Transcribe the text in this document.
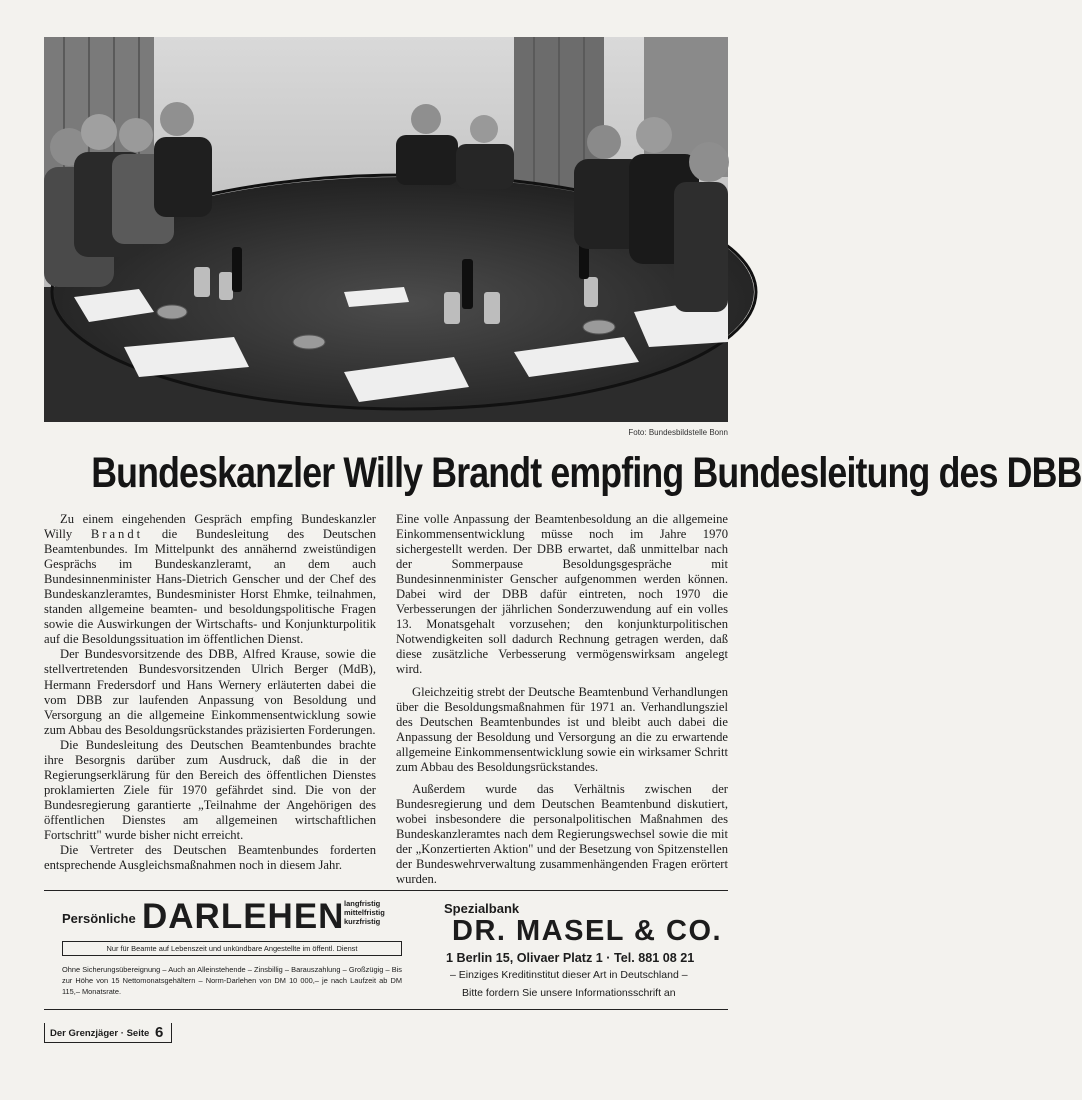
Foto: Bundesbildstelle Bonn
Bundeskanzler Willy Brandt empfing Bundesleitung des DBB

Zu einem eingehenden Gespräch empfing Bundeskanzler Willy Brandt die Bundesleitung des Deutschen Beamtenbundes. Im Mittelpunkt des annähernd zweistündigen Gesprächs im Bundeskanzleramt, an dem auch Bundesinnenminister Hans-Dietrich Genscher und der Chef des Bundeskanzleramtes, Bundesminister Horst Ehmke, teilnahmen, standen allgemeine beamten- und besoldungspolitische Fragen sowie die Auswirkungen der Wirtschafts- und Konjunkturpolitik auf die Besoldungssituation im öffentlichen Dienst.

Der Bundesvorsitzende des DBB, Alfred Krause, sowie die stellvertretenden Bundesvorsitzenden Ulrich Berger (MdB), Hermann Fredersdorf und Hans Wernery erläuterten dabei die vom DBB zur laufenden Anpassung von Besoldung und Versorgung an die allgemeine Einkommensentwicklung sowie zum Abbau des Besoldungsrückstandes präzisierten Forderungen.

Die Bundesleitung des Deutschen Beamtenbundes brachte ihre Besorgnis darüber zum Ausdruck, daß die in der Regierungserklärung für den Bereich des öffentlichen Dienstes proklamierten Ziele für 1970 gefährdet sind. Die von der Bundesregierung garantierte „Teilnahme der Angehörigen des öffentlichen Dienstes am allgemeinen wirtschaftlichen Fortschritt" wurde bisher nicht erreicht.

Die Vertreter des Deutschen Beamtenbundes forderten entsprechende Ausgleichsmaßnahmen noch in diesem Jahr.

Eine volle Anpassung der Beamtenbesoldung an die allgemeine Einkommensentwicklung müsse noch im Jahre 1970 sichergestellt werden. Der DBB erwartet, daß unmittelbar nach der Sommerpause Besoldungsgespräche mit Bundesinnenminister Genscher aufgenommen werden können. Dabei wird der DBB dafür eintreten, noch 1970 die Verbesserungen der jährlichen Sonderzuwendung auf ein volles 13. Monatsgehalt vorzusehen; den konjunkturpolitischen Notwendigkeiten soll dadurch Rechnung getragen werden, daß diese zusätzliche Verbesserung vermögenswirksam angelegt wird.

Gleichzeitig strebt der Deutsche Beamtenbund Verhandlungen über die Besoldungsmaßnahmen für 1971 an. Verhandlungsziel des Deutschen Beamtenbundes ist und bleibt auch dabei die Anpassung der Besoldung und Versorgung an die zu erwartende allgemeine Einkommensentwicklung sowie ein wirksamer Schritt zum Abbau des Besoldungsrückstandes.

Außerdem wurde das Verhältnis zwischen der Bundesregierung und dem Deutschen Beamtenbund diskutiert, wobei insbesondere die personalpolitischen Maßnahmen des Bundeskanzleramtes nach dem Regierungswechsel sowie die mit der „Konzertierten Aktion" und der Besetzung von Spitzenstellen der Bundeswehrverwaltung zusammenhängenden Fragen erörtert wurden.

Persönliche DARLEHEN langfristig
mittelfristig
kurzfristig
Nur für Beamte auf Lebenszeit und unkündbare Angestellte im öffentl. Dienst
Ohne Sicherungsübereignung – Auch an Alleinstehende – Zinsbillig – Barauszahlung – Großzügig – Bis zur Höhe von 15 Nettomonatsgehältern – Norm-Darlehen von DM 10 000,– je nach Laufzeit ab DM 115,– Monatsrate.
Spezialbank
DR. MASEL & CO.
1 Berlin 15, Olivaer Platz 1 · Tel. 881 08 21
– Einziges Kreditinstitut dieser Art in Deutschland –
Bitte fordern Sie unsere Informationsschrift an
Der Grenzjäger · Seite 6
